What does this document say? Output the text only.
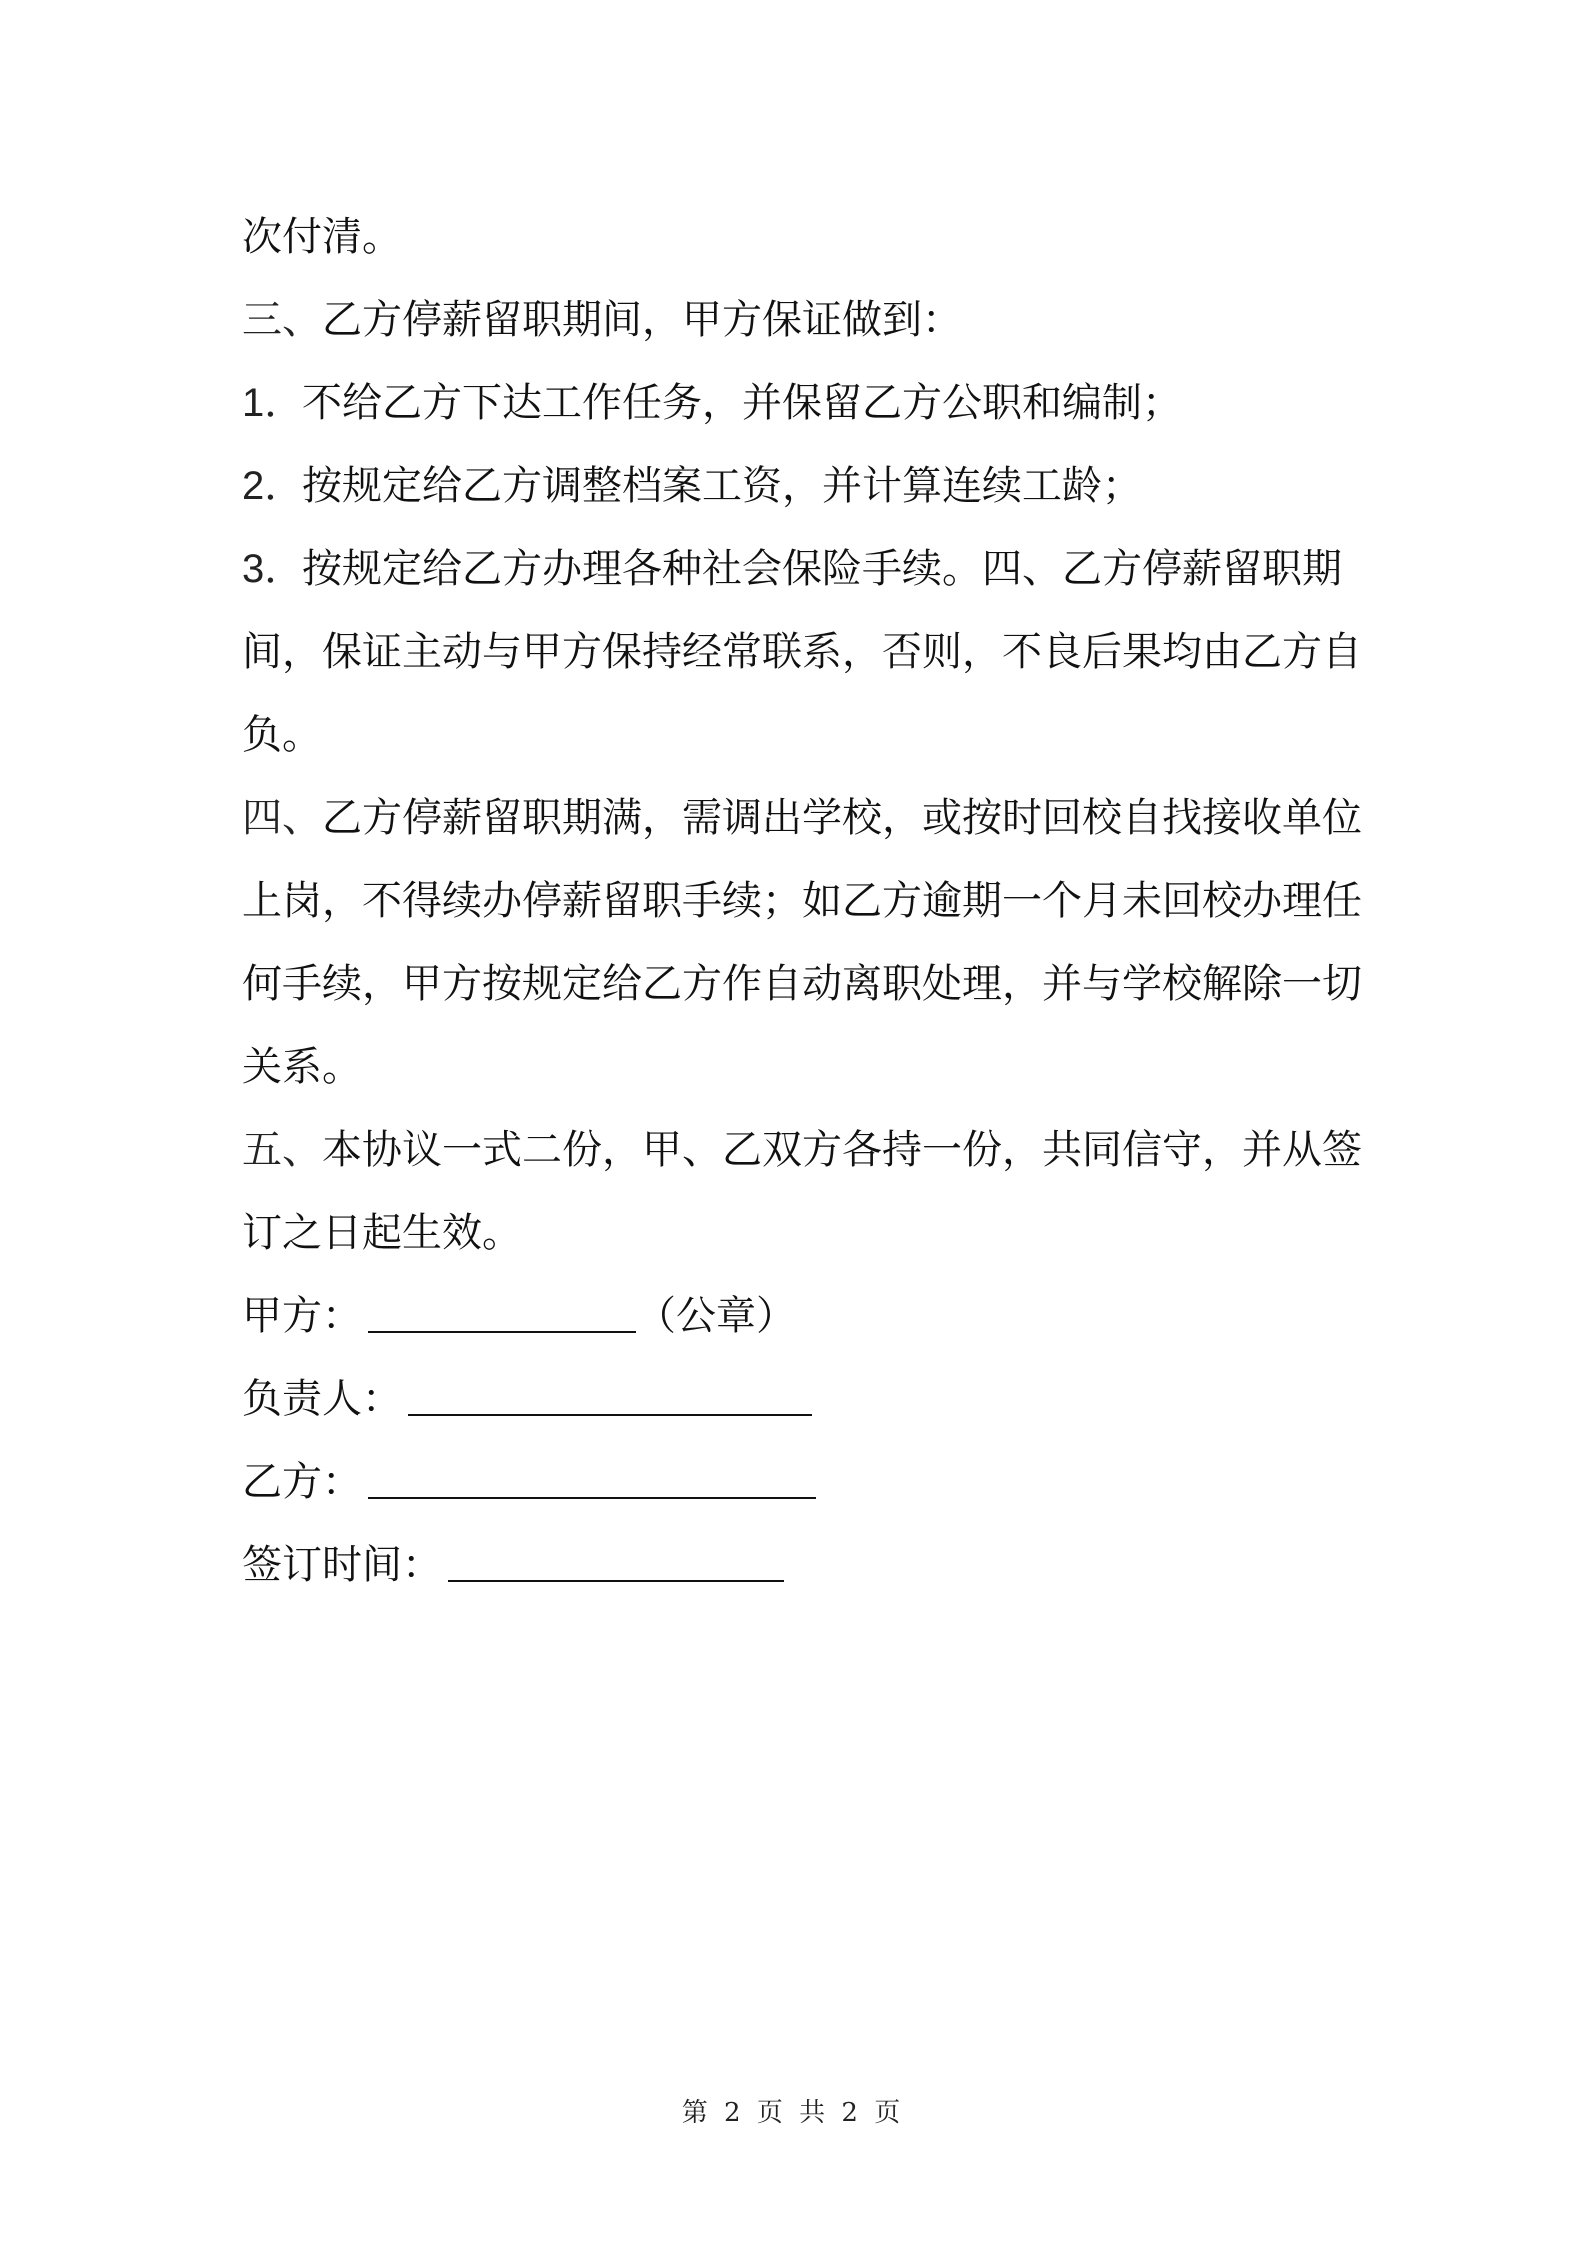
次付清。
三、乙方停薪留职期间，甲方保证做到：
1．不给乙方下达工作任务，并保留乙方公职和编制；
2．按规定给乙方调整档案工资，并计算连续工龄；
3．按规定给乙方办理各种社会保险手续。四、乙方停薪留职期
间，保证主动与甲方保持经常联系，否则，不良后果均由乙方自
负。
四、乙方停薪留职期满，需调出学校，或按时回校自找接收单位
上岗，不得续办停薪留职手续；如乙方逾期一个月未回校办理任
何手续，甲方按规定给乙方作自动离职处理，并与学校解除一切
关系。
五、本协议一式二份，甲、乙双方各持一份，共同信守，并从签
订之日起生效。
甲方：	（公章）
负责人：
乙方：
签订时间：
第 2 页 共 2 页
